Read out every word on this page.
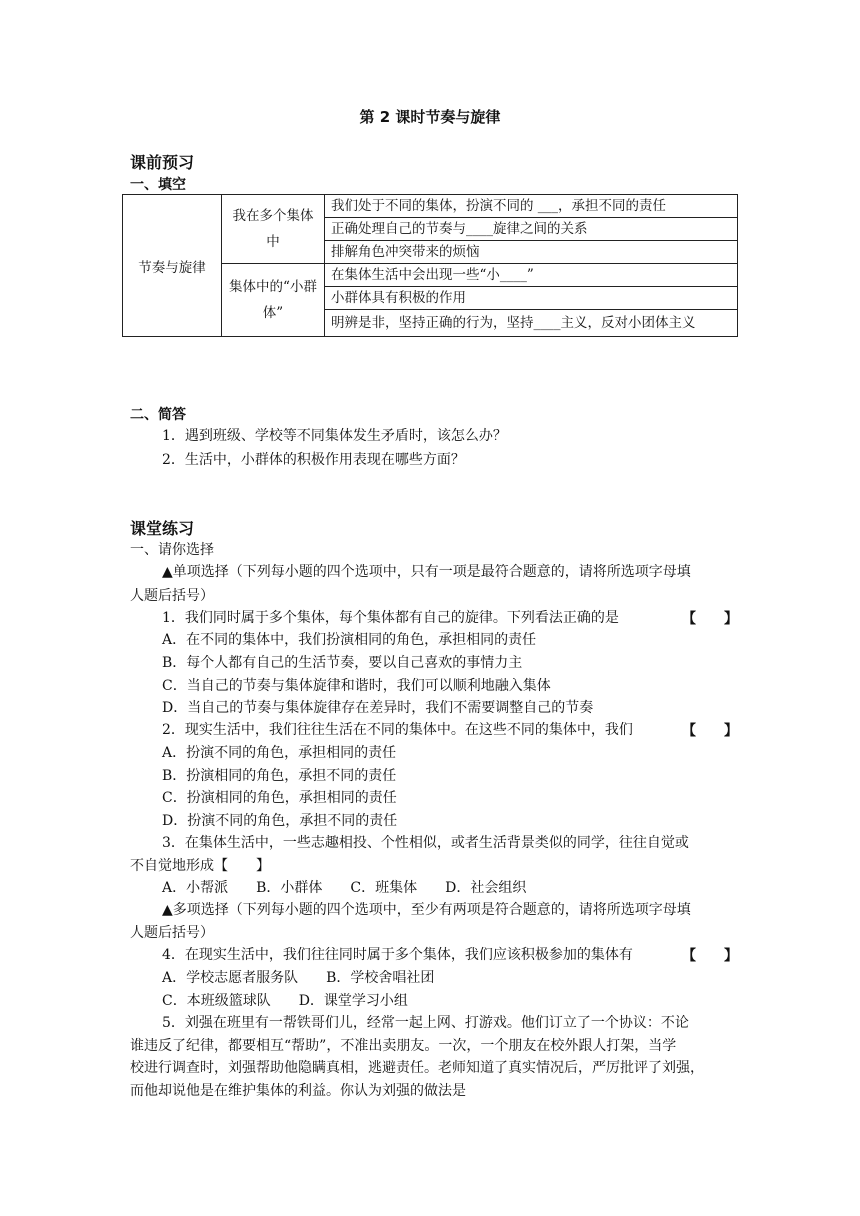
第 2 课时节奏与旋律
课前预习
一、填空
节奏与旋律	我在多个集体中	我们处于不同的集体，扮演不同的 ___，承担不同的责任
		正确处理自己的节奏与____旋律之间的关系
		排解角色冲突带来的烦恼
	集体中的“小群体”	在集体生活中会出现一些“小____”
		小群体具有积极的作用
		明辨是非，坚持正确的行为，坚持____主义，反对小团体主义
二、简答
1．遇到班级、学校等不同集体发生矛盾时，该怎么办？
2．生活中，小群体的积极作用表现在哪些方面？
课堂练习
一、请你选择
▲单项选择（下列每小题的四个选项中，只有一项是最符合题意的，请将所选项字母填
人题后括号）
1．我们同时属于多个集体，每个集体都有自己的旋律。下列看法正确的是	【　　】
A．在不同的集体中，我们扮演相同的角色，承担相同的责任
B．每个人都有自己的生活节奏，要以自己喜欢的事情力主
C．当自己的节奏与集体旋律和谐时，我们可以顺利地融入集体
D．当自己的节奏与集体旋律存在差异时，我们不需要调整自己的节奏
2．现实生活中，我们往往生活在不同的集体中。在这些不同的集体中，我们	【　　】
A．扮演不同的角色，承担相同的责任
B．扮演相同的角色，承担不同的责任
C．扮演相同的角色，承担相同的责任
D．扮演不同的角色，承担不同的责任
3．在集体生活中，一些志趣相投、个性相似，或者生活背景类似的同学，往往自觉或
不自觉地形成【　　】
A．小帮派　　B．小群体　　C．班集体　　D．社会组织
▲多项选择（下列每小题的四个选项中，至少有两项是符合题意的，请将所选项字母填
人题后括号）
4．在现实生活中，我们往往同时属于多个集体，我们应该积极参加的集体有	【　　】
A．学校志愿者服务队　　B．学校舍唱社团
C．本班级篮球队　　D．课堂学习小组
5．刘强在班里有一帮铁哥们儿，经常一起上网、打游戏。他们订立了一个协议：不论
谁违反了纪律，都要相互“帮助”，不准出卖朋友。一次，一个朋友在校外跟人打架，当学
校进行调查时，刘强帮助他隐瞒真相，逃避责任。老师知道了真实情况后，严厉批评了刘强，
而他却说他是在维护集体的利益。你认为刘强的做法是
